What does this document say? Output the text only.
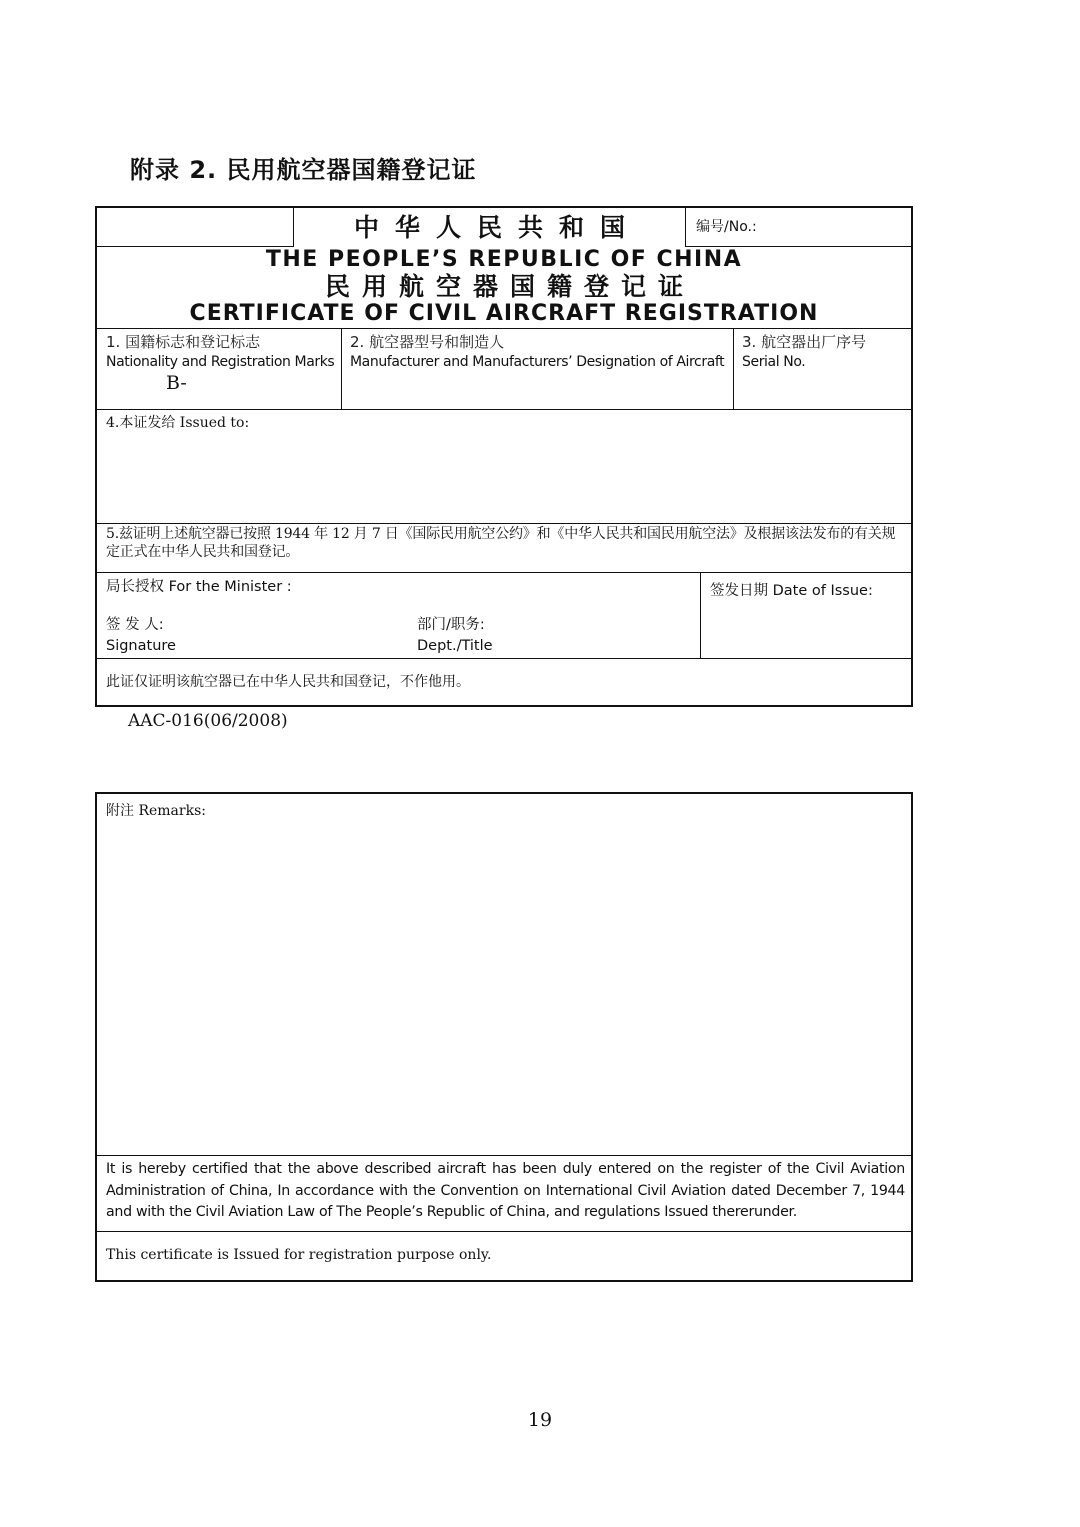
附录 2. 民用航空器国籍登记证
中华人民共和国	编号/No.:
THE PEOPLE’S REPUBLIC OF CHINA
民用航空器国籍登记证
CERTIFICATE OF CIVIL AIRCRAFT REGISTRATION
1. 国籍标志和登记标志
Nationality and Registration Marks
B-
2. 航空器型号和制造人
Manufacturer and Manufacturers’ Designation of Aircraft
3. 航空器出厂序号
Serial No.
4.本证发给 Issued to:
5.兹证明上述航空器已按照 1944 年 12 月 7 日《国际民用航空公约》和《中华人民共和国民用航空法》及根据该法发布的有关规定正式在中华人民共和国登记。
局长授权 For the Minister :
签 发 人:
Signature
部门/职务:
Dept./Title
签发日期 Date of Issue:
此证仅证明该航空器已在中华人民共和国登记，不作他用。
AAC-016(06/2008)
附注 Remarks:
It is hereby certified that the above described aircraft has been duly entered on the register of the Civil Aviation Administration of China, In accordance with the Convention on International Civil Aviation dated December 7, 1944 and with the Civil Aviation Law of The People’s Republic of China, and regulations Issued thererunder.
This certificate is Issued for registration purpose only.
19
